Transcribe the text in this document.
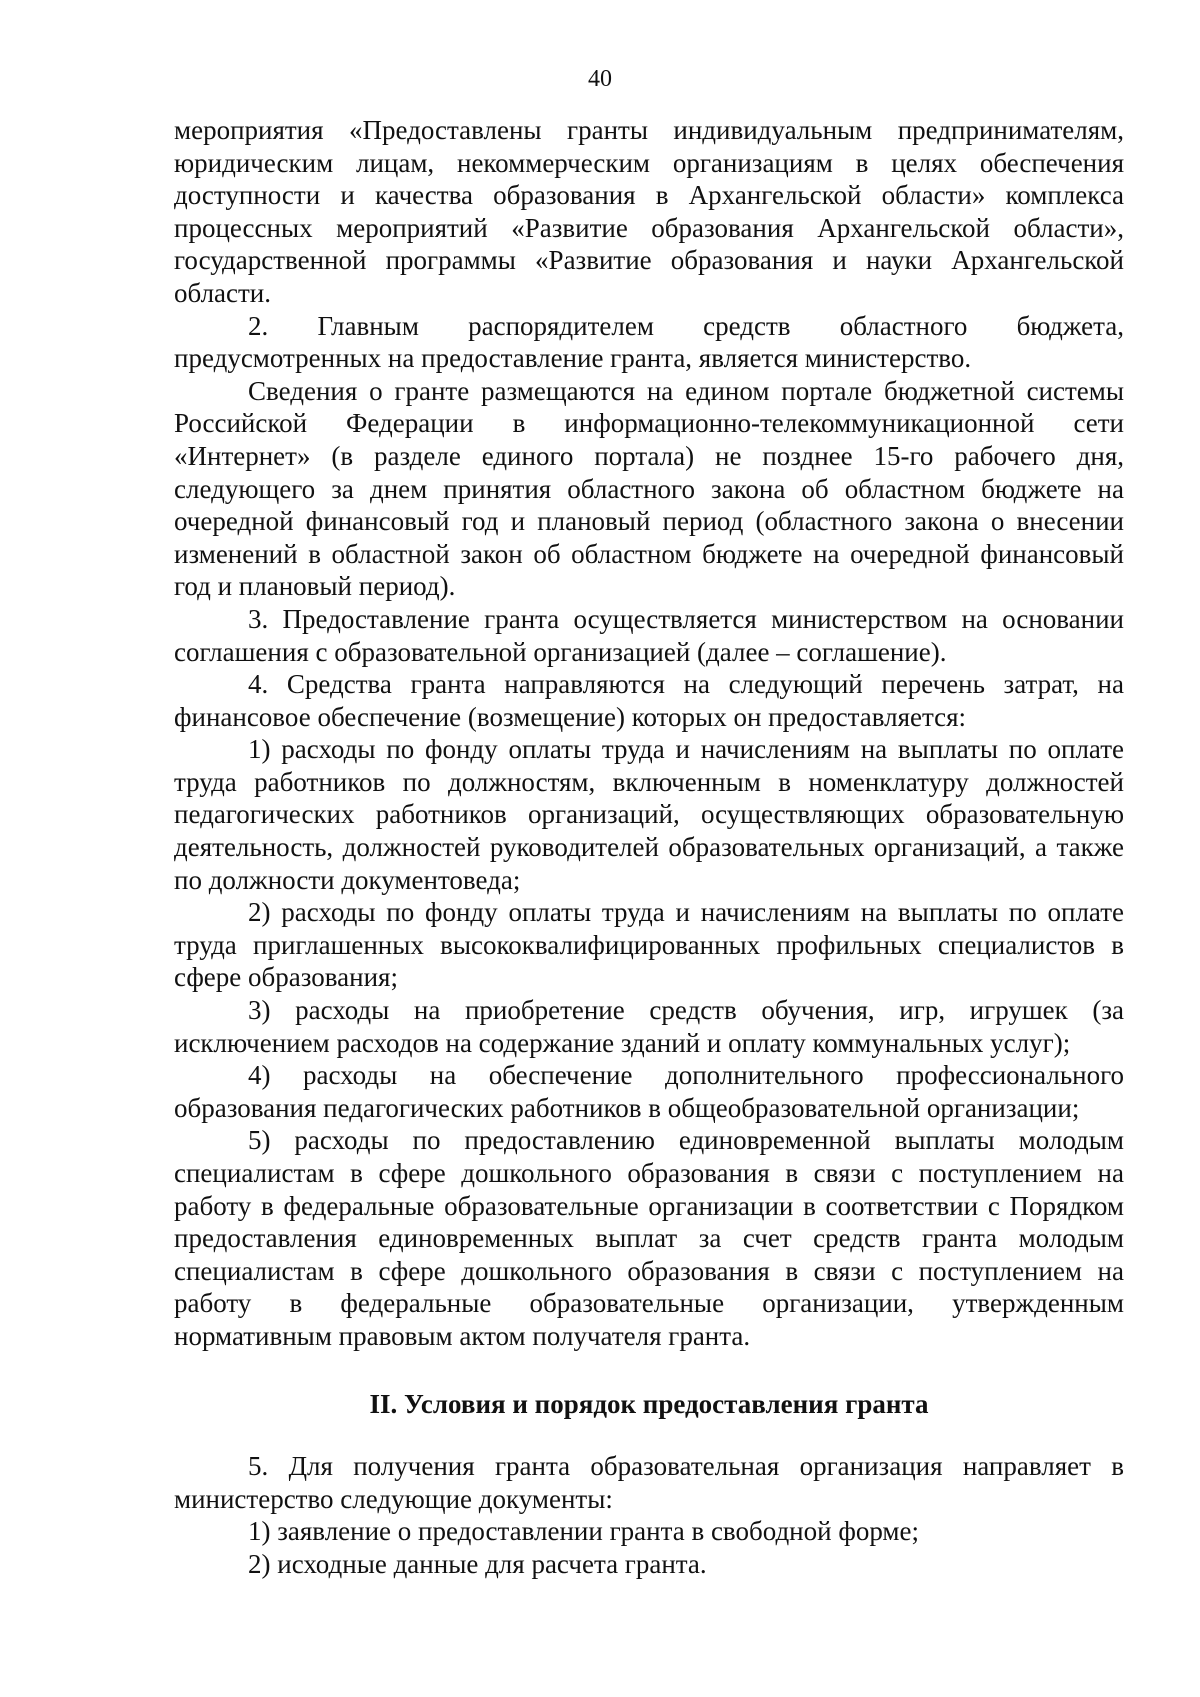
40

мероприятия «Предоставлены гранты индивидуальным предпринимателям, юридическим лицам, некоммерческим организациям в целях обеспечения доступности и качества образования в Архангельской области» комплекса процессных мероприятий «Развитие образования Архангельской области», государственной программы «Развитие образования и науки Архангельской области.

2. Главным распорядителем средств областного бюджета, предусмотренных на предоставление гранта, является министерство.

Сведения о гранте размещаются на едином портале бюджетной системы Российской Федерации в информационно-телекоммуникационной сети «Интернет» (в разделе единого портала) не позднее 15-го рабочего дня, следующего за днем принятия областного закона об областном бюджете на очередной финансовый год и плановый период (областного закона о внесении изменений в областной закон об областном бюджете на очередной финансовый год и плановый период).

3. Предоставление гранта осуществляется министерством на основании соглашения с образовательной организацией (далее – соглашение).

4. Средства гранта направляются на следующий перечень затрат, на финансовое обеспечение (возмещение) которых он предоставляется:

1) расходы по фонду оплаты труда и начислениям на выплаты по оплате труда работников по должностям, включенным в номенклатуру должностей педагогических работников организаций, осуществляющих образовательную деятельность, должностей руководителей образовательных организаций, а также по должности документоведа;

2) расходы по фонду оплаты труда и начислениям на выплаты по оплате труда приглашенных высококвалифицированных профильных специалистов в сфере образования;

3) расходы на приобретение средств обучения, игр, игрушек (за исключением расходов на содержание зданий и оплату коммунальных услуг);

4) расходы на обеспечение дополнительного профессионального образования педагогических работников в общеобразовательной организации;

5) расходы по предоставлению единовременной выплаты молодым специалистам в сфере дошкольного образования в связи с поступлением на работу в федеральные образовательные организации в соответствии с Порядком предоставления единовременных выплат за счет средств гранта молодым специалистам в сфере дошкольного образования в связи с поступлением на работу в федеральные образовательные организации, утвержденным нормативным правовым актом получателя гранта.

II. Условия и порядок предоставления гранта

5. Для получения гранта образовательная организация направляет в министерство следующие документы:

1) заявление о предоставлении гранта в свободной форме;

2) исходные данные для расчета гранта.
